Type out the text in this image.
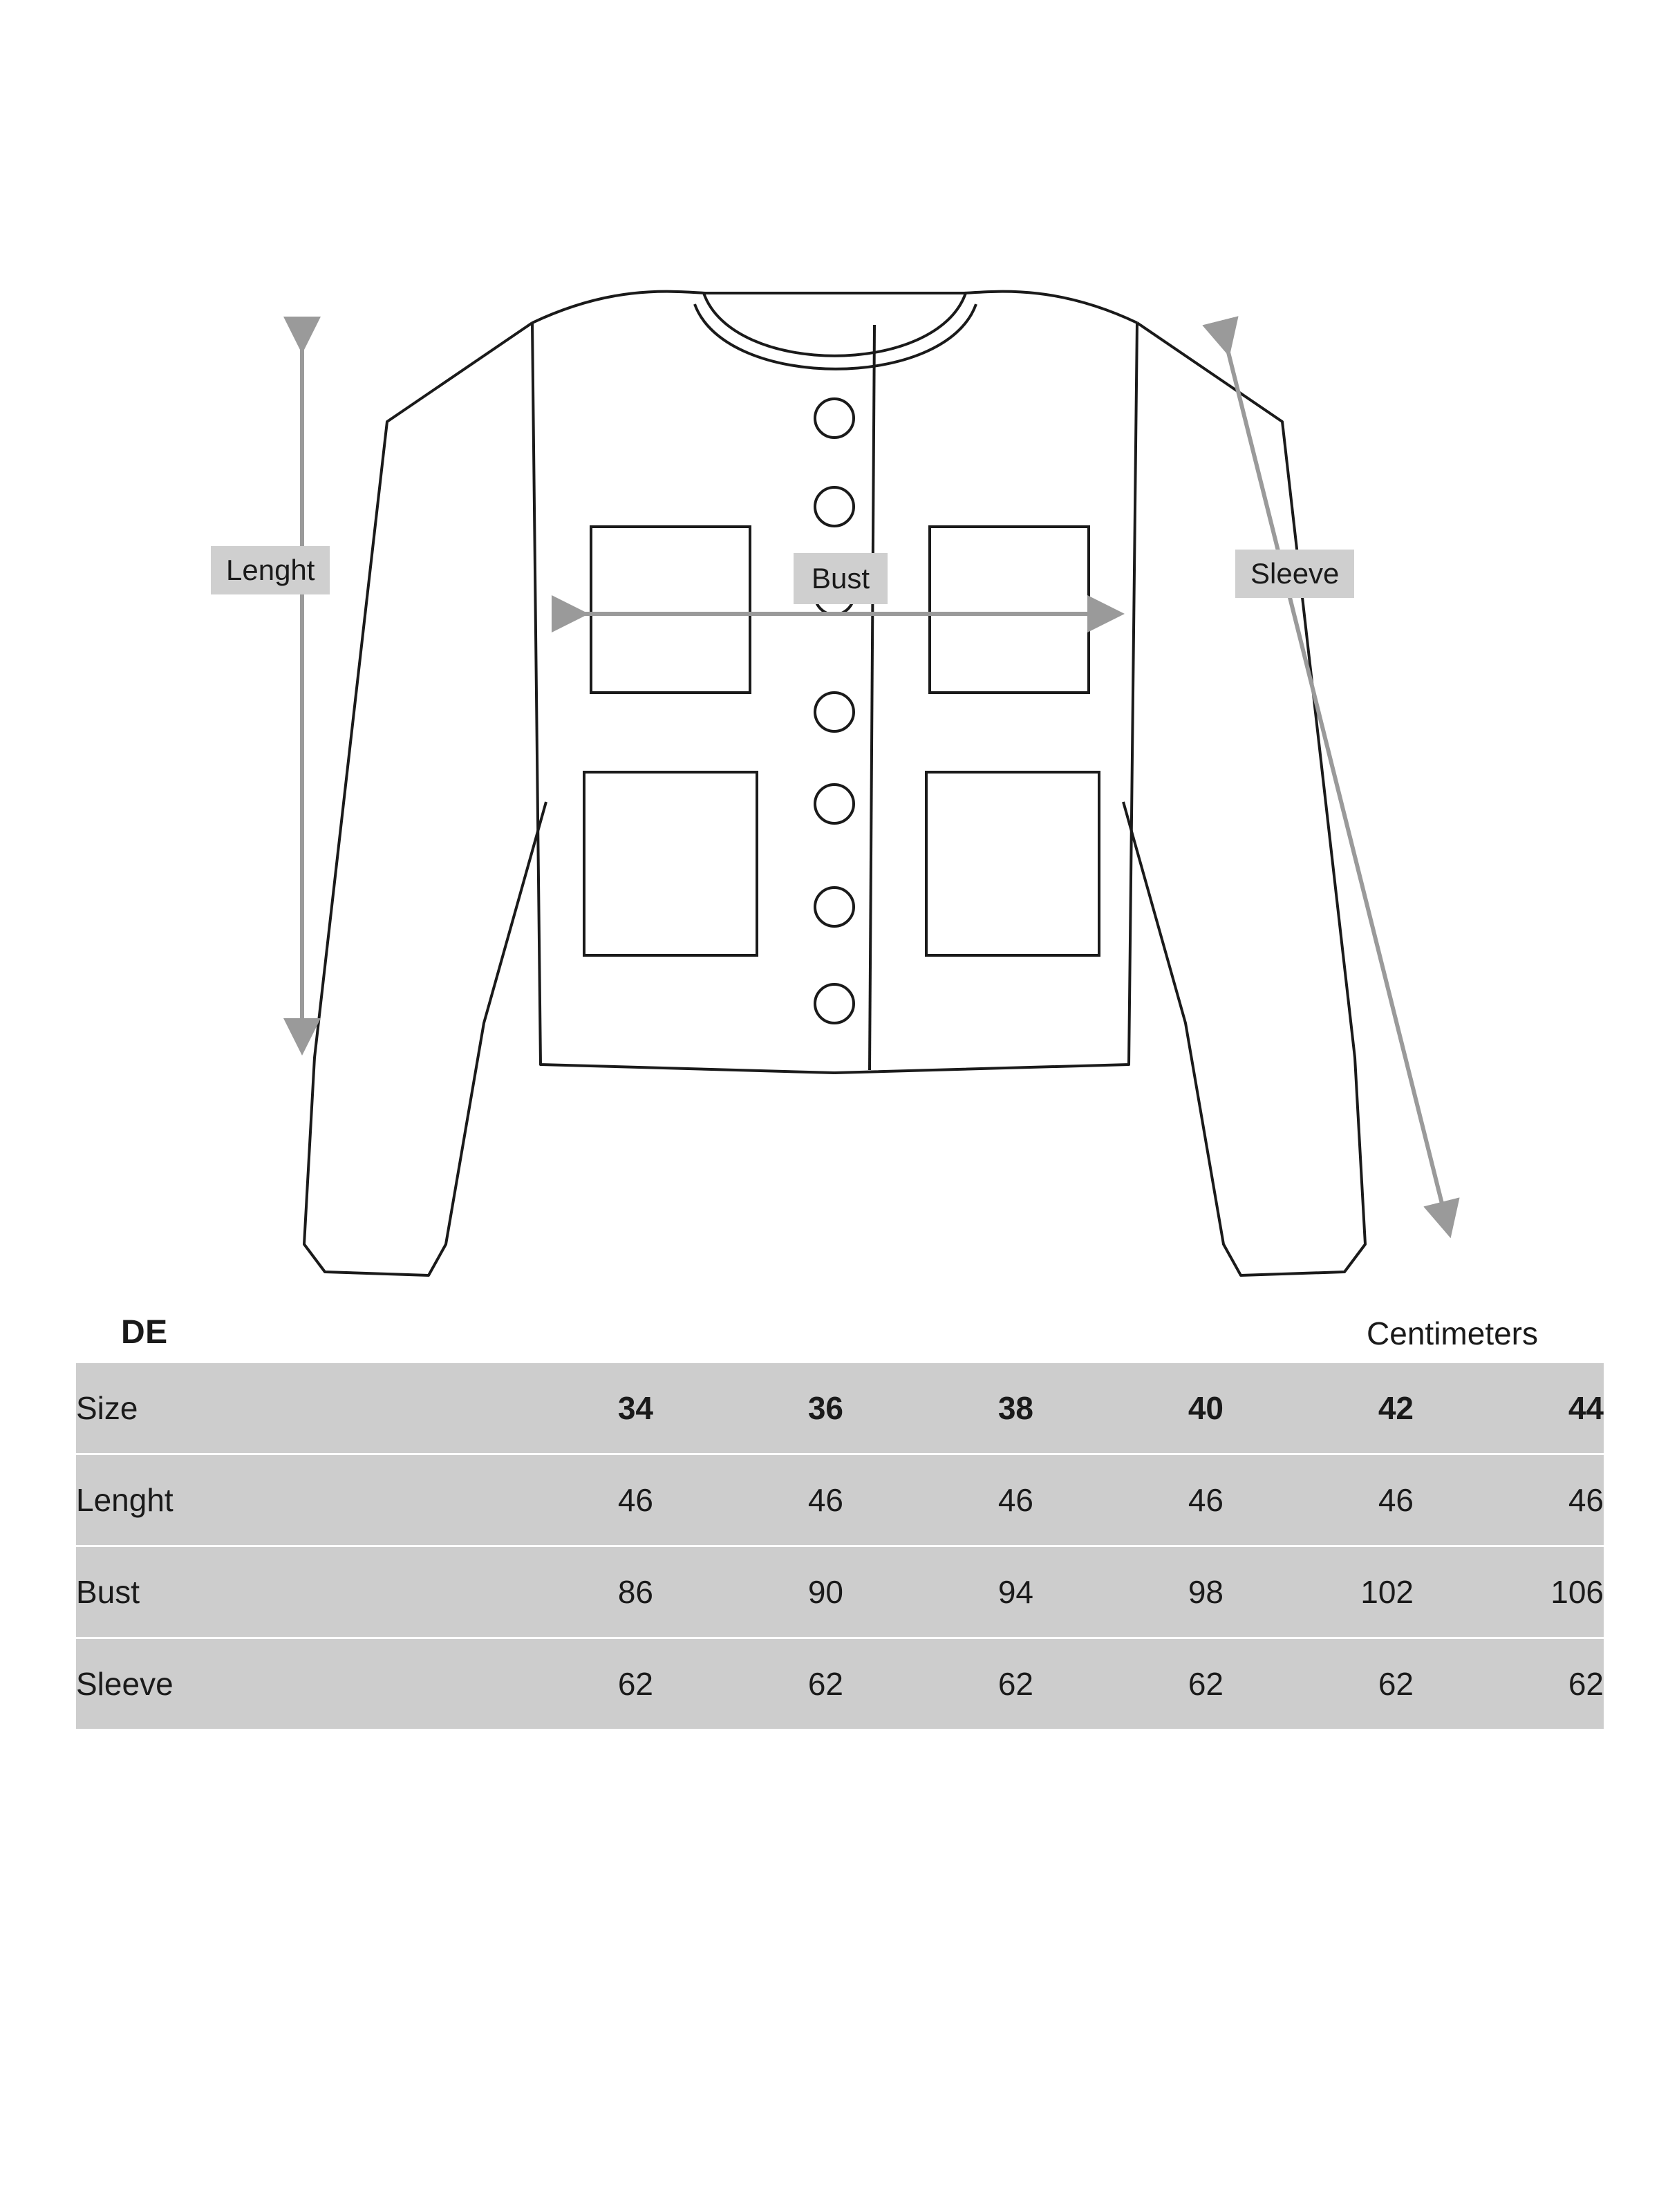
Lenght	Bust	Sleeve
DE	Centimeters
Size	34	36	38	40	42	44
Lenght	46	46	46	46	46	46
Bust	86	90	94	98	102	106
Sleeve	62	62	62	62	62	62
